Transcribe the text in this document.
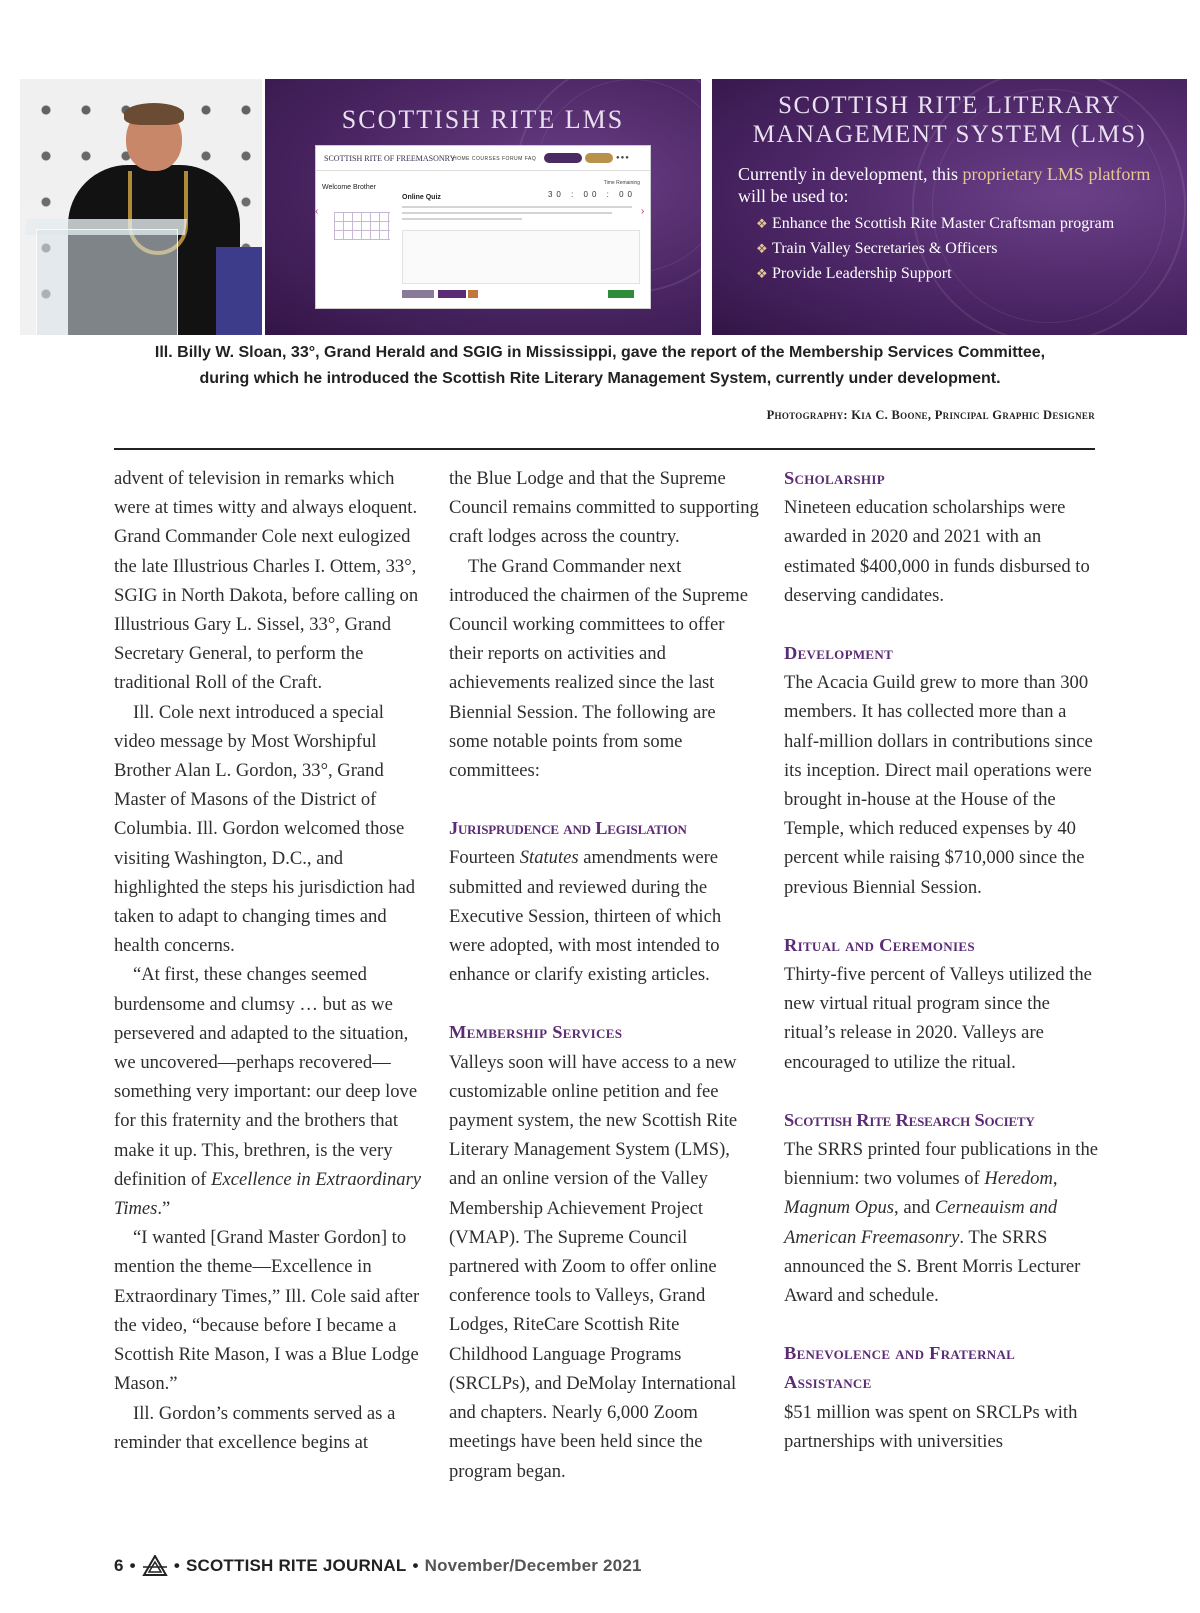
SCOTTISH RITE LMS
SCOTTISH RITE OF FREEMASONRY
HOME COURSES FORUM FAQ	●●●
Welcome Brother
Online Quiz
Time Remaining
30 : 00 : 00
‹	›
SCOTTISH RITE LITERARY
MANAGEMENT SYSTEM (LMS)
Currently in development, this proprietary LMS platform will be used to:
❖ Enhance the Scottish Rite Master Craftsman program
❖ Train Valley Secretaries & Officers
❖ Provide Leadership Support
Ill. Billy W. Sloan, 33°, Grand Herald and SGIG in Mississippi, gave the report of the Membership Services Committee,
during which he introduced the Scottish Rite Literary Management System, currently under development.
Photography: Kia C. Boone, Principal Graphic Designer

advent of television in remarks which were at times witty and always eloquent. Grand Commander Cole next eulogized the late Illustrious Charles I. Ottem, 33°, SGIG in North Dakota, before calling on Illustrious Gary L. Sissel, 33°, Grand Secretary General, to perform the traditional Roll of the Craft.

Ill. Cole next introduced a special video message by Most Worshipful Brother Alan L. Gordon, 33°, Grand Master of Masons of the District of Columbia. Ill. Gordon welcomed those visiting Washington, D.C., and highlighted the steps his jurisdiction had taken to adapt to changing times and health concerns.

“At first, these changes seemed burdensome and clumsy … but as we persevered and adapted to the situation, we uncovered—perhaps recovered—something very important: our deep love for this fraternity and the brothers that make it up. This, brethren, is the very definition of Excellence in Extraordinary Times.”

“I wanted [Grand Master Gordon] to mention the theme—Excellence in Extraordinary Times,” Ill. Cole said after the video, “because before I became a Scottish Rite Mason, I was a Blue Lodge Mason.”

Ill. Gordon’s comments served as a reminder that excellence begins at

the Blue Lodge and that the Supreme Council remains committed to supporting craft lodges across the country.

The Grand Commander next introduced the chairmen of the Supreme Council working committees to offer their reports on activities and achievements realized since the last Biennial Session. The following are some notable points from some committees:

Jurisprudence and Legislation

Fourteen Statutes amendments were submitted and reviewed during the Executive Session, thirteen of which were adopted, with most intended to enhance or clarify existing articles.

Membership Services

Valleys soon will have access to a new customizable online petition and fee payment system, the new Scottish Rite Literary Management System (LMS), and an online version of the Valley Membership Achievement Project (VMAP). The Supreme Council partnered with Zoom to offer online conference tools to Valleys, Grand Lodges, RiteCare Scottish Rite Childhood Language Programs (SRCLPs), and DeMolay International and chapters. Nearly 6,000 Zoom meetings have been held since the program began.

Scholarship

Nineteen education scholarships were awarded in 2020 and 2021 with an estimated $400,000 in funds disbursed to deserving candidates.

Development

The Acacia Guild grew to more than 300 members. It has collected more than a half-million dollars in contributions since its inception. Direct mail operations were brought in-house at the House of the Temple, which reduced expenses by 40 percent while raising $710,000 since the previous Biennial Session.

Ritual and Ceremonies

Thirty-five percent of Valleys utilized the new virtual ritual program since the ritual’s release in 2020. Valleys are encouraged to utilize the ritual.

Scottish Rite Research Society

The SRRS printed four publications in the biennium: two volumes of Heredom, Magnum Opus, and Cerneauism and American Freemasonry. The SRRS announced the S. Brent Morris Lecturer Award and schedule.

Benevolence and Fraternal Assistance

$51 million was spent on SRCLPs with partnerships with universities

6 • • SCOTTISH RITE JOURNAL • November/December 2021
